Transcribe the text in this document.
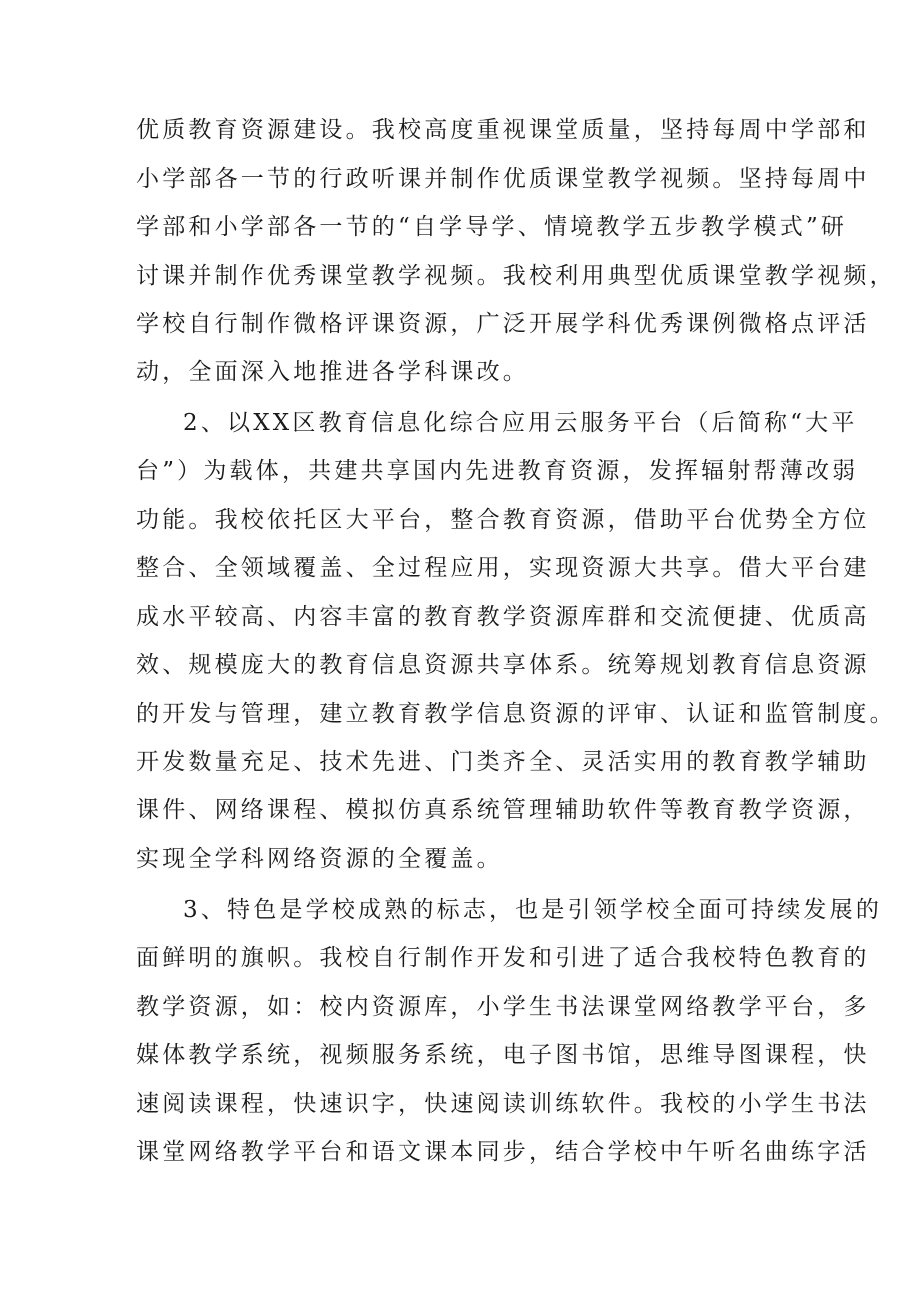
优质教育资源建设。我校高度重视课堂质量，坚持每周中学部和
小学部各一节的行政听课并制作优质课堂教学视频。坚持每周中
学部和小学部各一节的“自学导学、情境教学五步教学模式”研
讨课并制作优秀课堂教学视频。我校利用典型优质课堂教学视频，
学校自行制作微格评课资源，广泛开展学科优秀课例微格点评活
动，全面深入地推进各学科课改。
2、以XX区教育信息化综合应用云服务平台（后简称“大平
台”）为载体，共建共享国内先进教育资源，发挥辐射帮薄改弱
功能。我校依托区大平台，整合教育资源，借助平台优势全方位
整合、全领域覆盖、全过程应用，实现资源大共享。借大平台建
成水平较高、内容丰富的教育教学资源库群和交流便捷、优质高
效、规模庞大的教育信息资源共享体系。统筹规划教育信息资源
的开发与管理，建立教育教学信息资源的评审、认证和监管制度。
开发数量充足、技术先进、门类齐全、灵活实用的教育教学辅助
课件、网络课程、模拟仿真系统管理辅助软件等教育教学资源，
实现全学科网络资源的全覆盖。
3、特色是学校成熟的标志，也是引领学校全面可持续发展的
面鲜明的旗帜。我校自行制作开发和引进了适合我校特色教育的
教学资源，如：校内资源库，小学生书法课堂网络教学平台，多
媒体教学系统，视频服务系统，电子图书馆，思维导图课程，快
速阅读课程，快速识字，快速阅读训练软件。我校的小学生书法
课堂网络教学平台和语文课本同步，结合学校中午听名曲练字活
